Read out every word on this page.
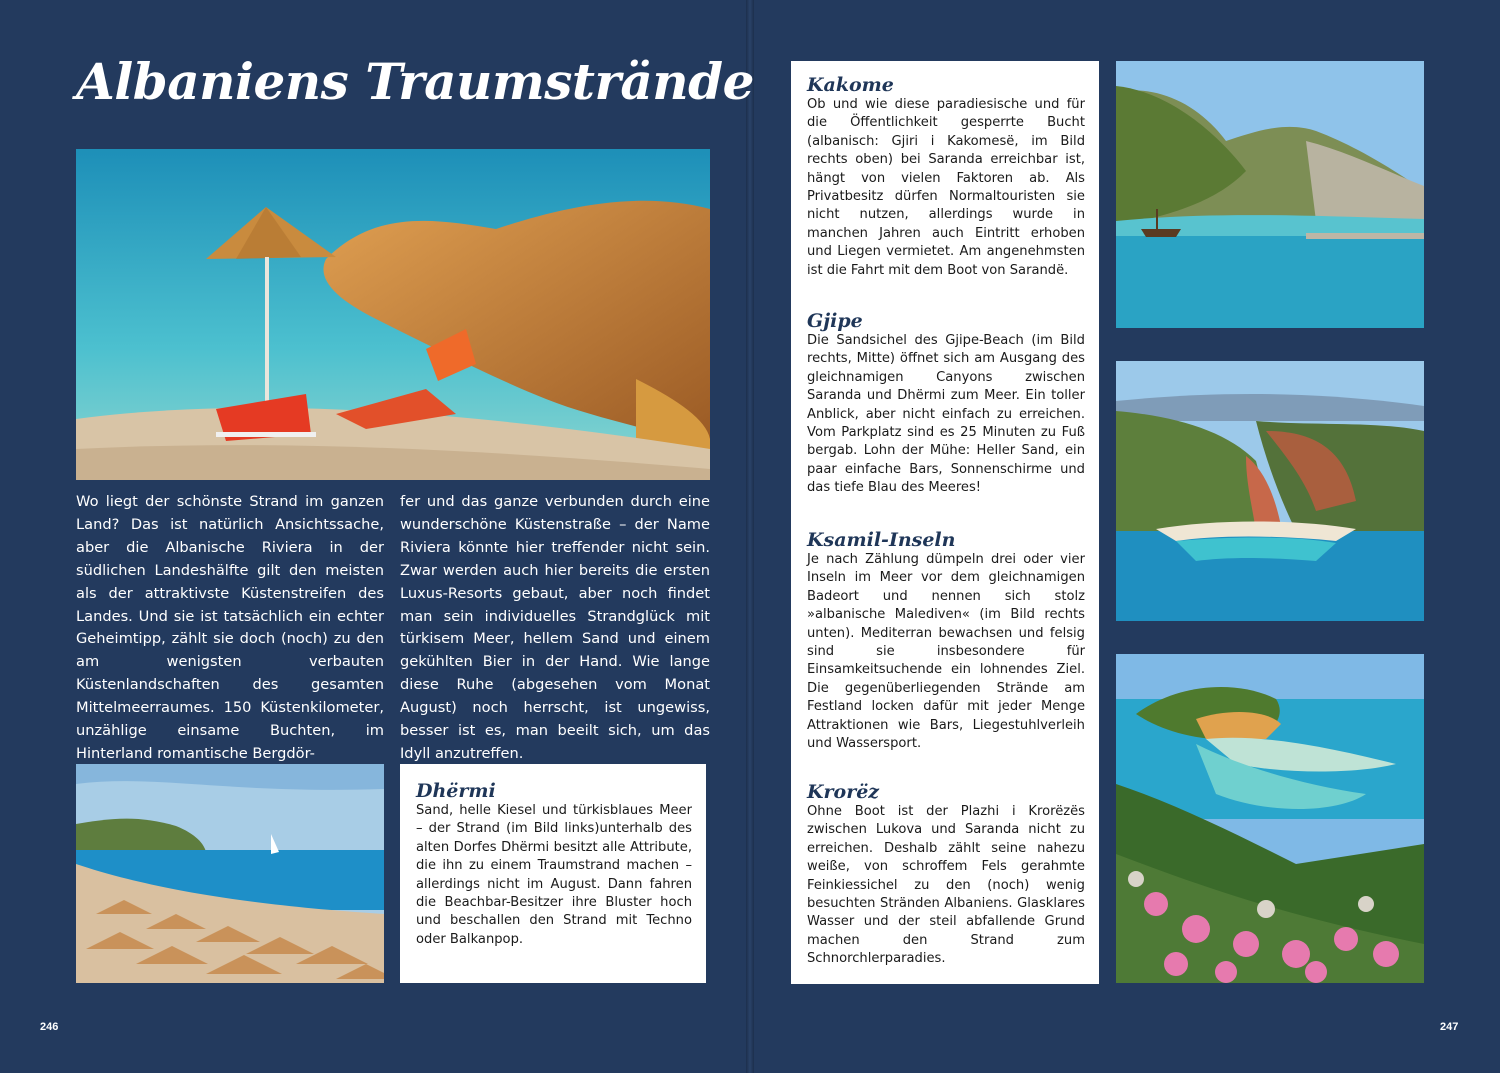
Albaniens Traumstrände

Wo liegt der schönste Strand im ganzen Land? Das ist natürlich Ansichtssache, aber die Albanische Riviera in der südlichen Landeshälfte gilt den meisten als der attraktivste Küstenstreifen des Landes. Und sie ist tatsächlich ein echter Geheimtipp, zählt sie doch (noch) zu den am wenigsten verbauten Küstenlandschaften des gesamten Mittelmeerraumes. 150 Küstenkilometer, unzählige einsame Buchten, im Hinterland romantische Bergdör-

fer und das ganze verbunden durch eine wunderschöne Küstenstraße – der Name Riviera könnte hier treffender nicht sein. Zwar werden auch hier bereits die ersten Luxus-Resorts gebaut, aber noch findet man sein individuelles Strandglück mit türkisem Meer, hellem Sand und einem gekühlten Bier in der Hand. Wie lange diese Ruhe (abgesehen vom Monat August) noch herrscht, ist ungewiss, besser ist es, man beeilt sich, um das Idyll anzutreffen.

Dhërmi

Sand, helle Kiesel und türkisblaues Meer – der Strand (im Bild links)unterhalb des alten Dorfes Dhërmi besitzt alle Attribute, die ihn zu einem Traumstrand machen – allerdings nicht im August. Dann fahren die Beachbar-Besitzer ihre Bluster hoch und beschallen den Strand mit Techno oder Balkanpop.

246
Kakome

Ob und wie diese paradiesische und für die Öffentlichkeit gesperrte Bucht (albanisch: Gjiri i Kakomesë, im Bild rechts oben) bei Saranda erreichbar ist, hängt von vielen Faktoren ab. Als Privatbesitz dürfen Normaltouristen sie nicht nutzen, allerdings wurde in manchen Jahren auch Eintritt erhoben und Liegen vermietet. Am angenehmsten ist die Fahrt mit dem Boot von Sarandë.

Gjipe

Die Sandsichel des Gjipe-Beach (im Bild rechts, Mitte) öffnet sich am Ausgang des gleichnamigen Canyons zwischen Saranda und Dhërmi zum Meer. Ein toller Anblick, aber nicht einfach zu erreichen. Vom Parkplatz sind es 25 Minuten zu Fuß bergab. Lohn der Mühe: Heller Sand, ein paar einfache Bars, Sonnenschirme und das tiefe Blau des Meeres!

Ksamil-Inseln

Je nach Zählung dümpeln drei oder vier Inseln im Meer vor dem gleichnamigen Badeort und nennen sich stolz »albanische Malediven« (im Bild rechts unten). Mediterran bewachsen und felsig sind sie insbesondere für Einsamkeitsuchende ein lohnendes Ziel. Die gegenüberliegenden Strände am Festland locken dafür mit jeder Menge Attraktionen wie Bars, Liegestuhlverleih und Wassersport.

Krorëz

Ohne Boot ist der Plazhi i Krorëzës zwischen Lukova und Saranda nicht zu erreichen. Deshalb zählt seine nahezu weiße, von schroffem Fels gerahmte Feinkiessichel zu den (noch) wenig besuchten Stränden Albaniens. Glasklares Wasser und der steil abfallende Grund machen den Strand zum Schnorchlerparadies.

247
